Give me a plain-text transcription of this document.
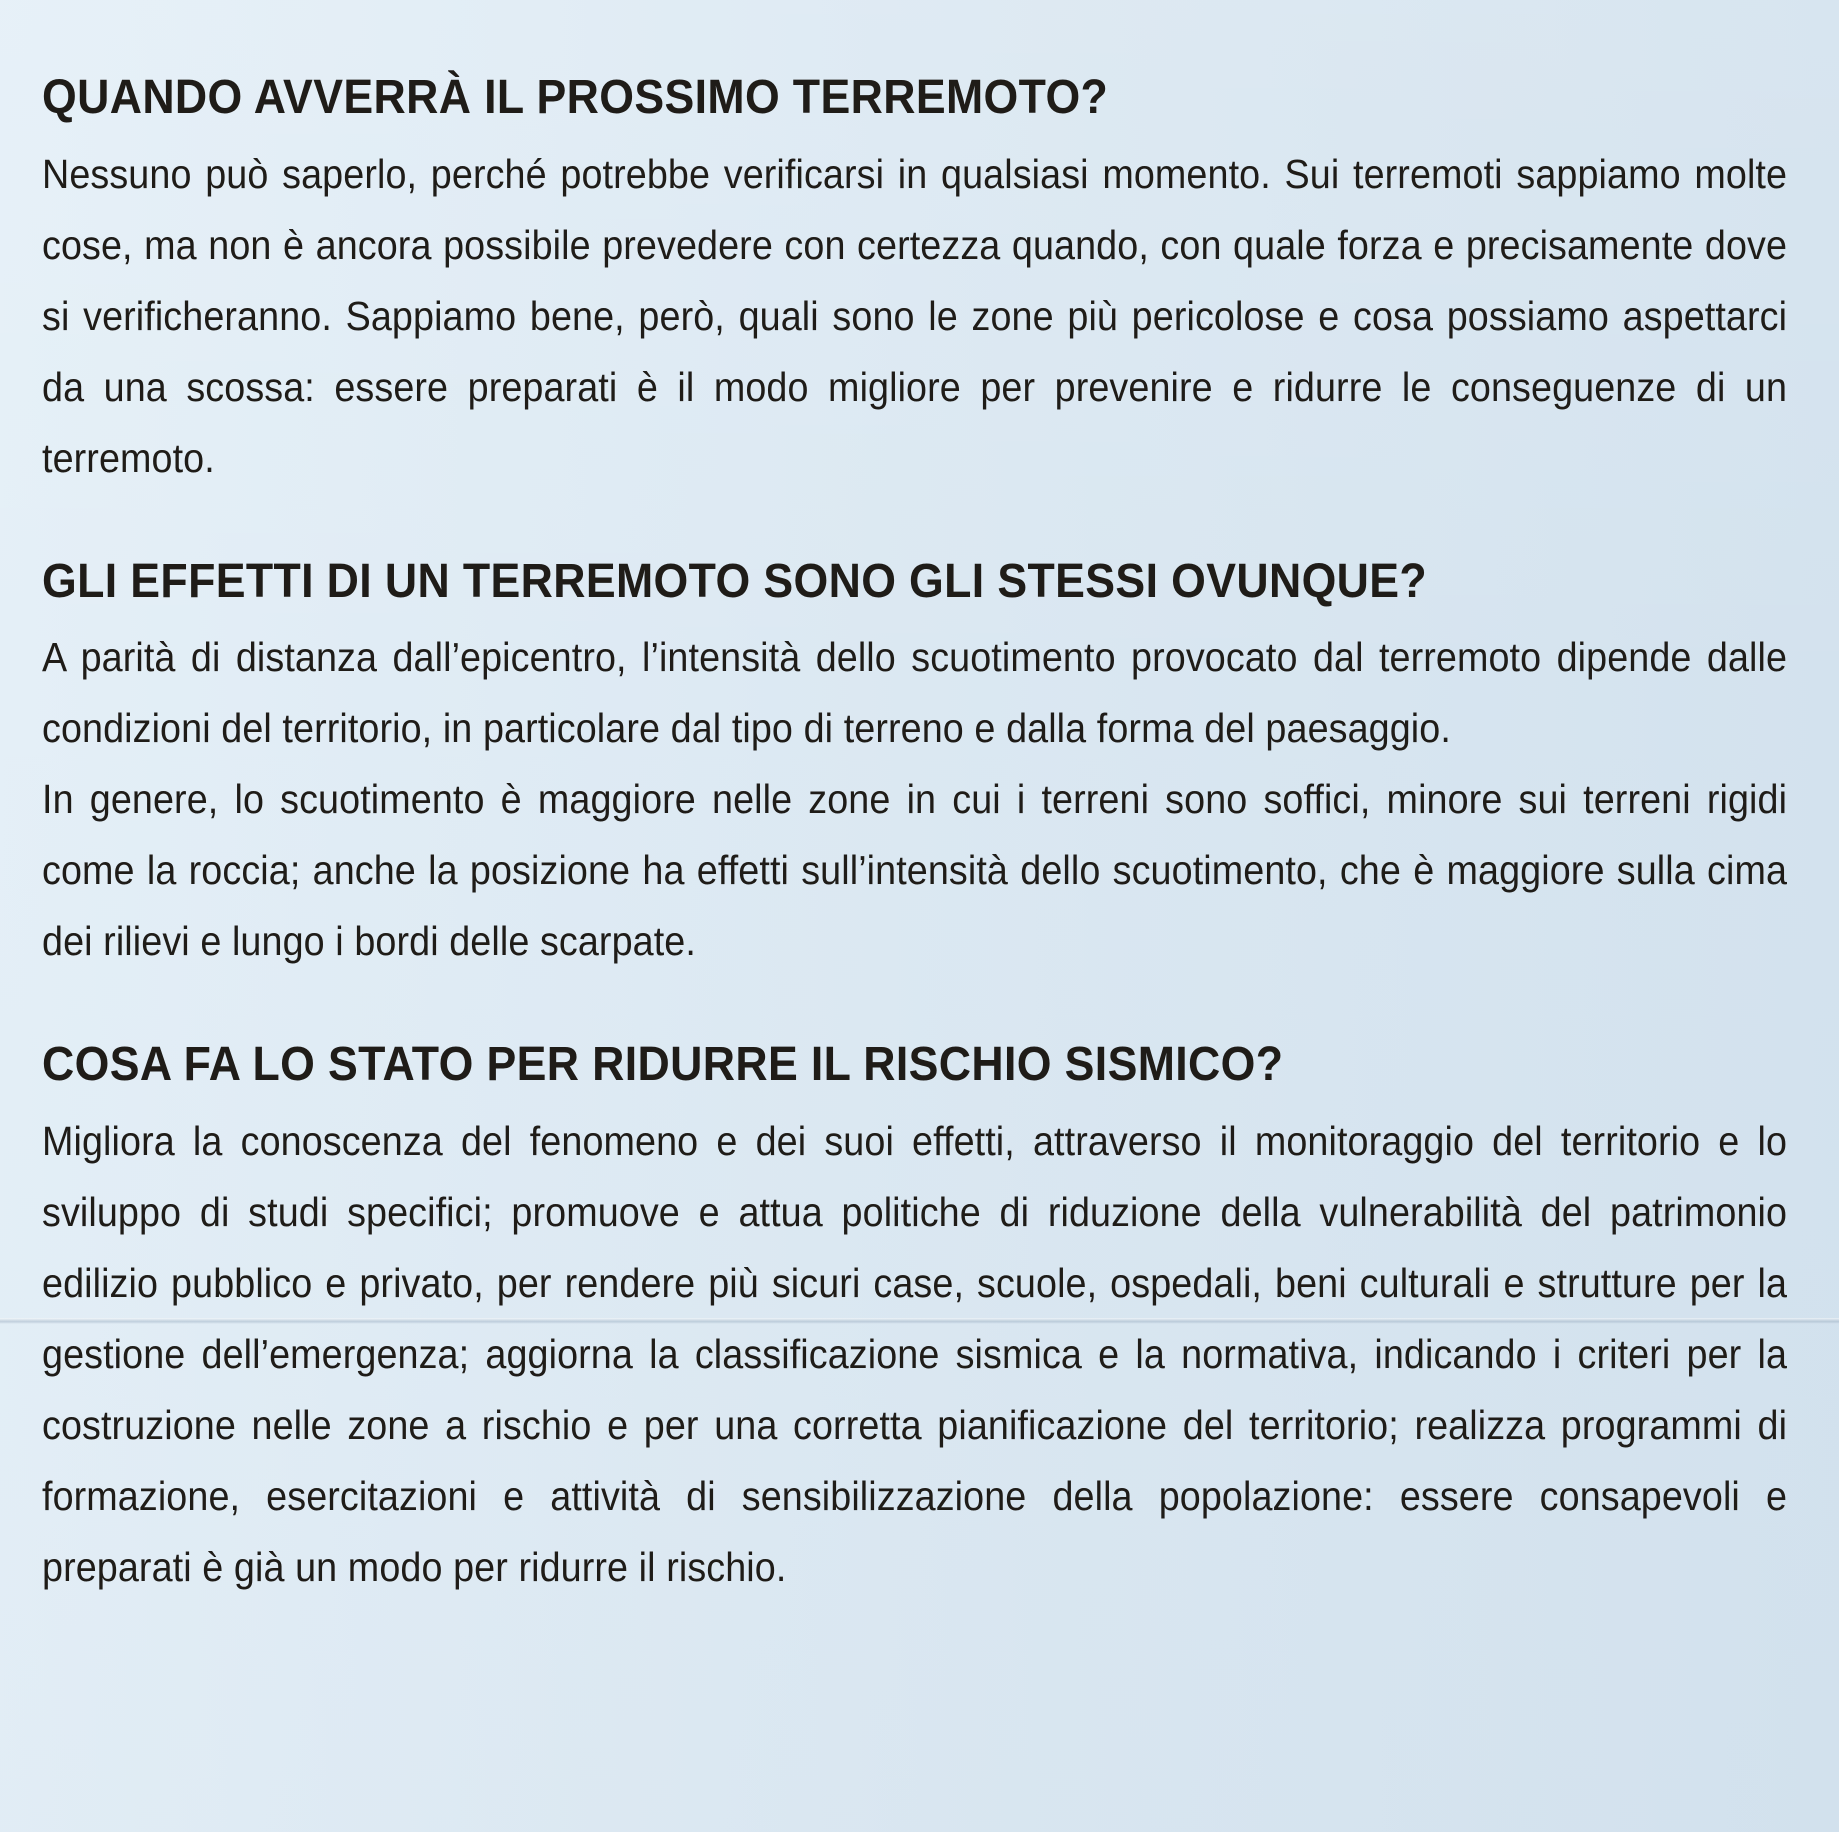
QUANDO AVVERRÀ IL PROSSIMO TERREMOTO?

Nessuno può saperlo, perché potrebbe verificarsi in qualsiasi momento. Sui terremoti sappiamo molte cose, ma non è ancora possibile prevedere con certezza quando, con quale forza e precisamente dove si verificheranno. Sappiamo bene, però, quali sono le zone più pericolose e cosa possiamo aspettarci da una scossa: essere preparati è il modo migliore per prevenire e ridurre le conseguenze di un terremoto.

GLI EFFETTI DI UN TERREMOTO SONO GLI STESSI OVUNQUE?

A parità di distanza dall’epicentro, l’intensità dello scuotimento provocato dal terremoto dipende dalle condizioni del territorio, in particolare dal tipo di terreno e dalla forma del paesaggio.

In genere, lo scuotimento è maggiore nelle zone in cui i terreni sono soffici, minore sui terreni rigidi come la roccia; anche la posizione ha effetti sull’intensità dello scuotimento, che è maggiore sulla cima dei rilievi e lungo i bordi delle scarpate.

COSA FA LO STATO PER RIDURRE IL RISCHIO SISMICO?

Migliora la conoscenza del fenomeno e dei suoi effetti, attraverso il monitoraggio del territorio e lo sviluppo di studi specifici; promuove e attua politiche di riduzione della vulnerabilità del patrimonio edilizio pubblico e privato, per rendere più sicuri case, scuole, ospedali, beni culturali e strutture per la gestione dell’emergenza; aggiorna la classificazione sismica e la normativa, indicando i criteri per la costruzione nelle zone a rischio e per una corretta pianificazione del territorio; realizza programmi di formazione, esercitazioni e attività di sensibilizzazione della popolazione: essere consapevoli e preparati è già un modo per ridurre il rischio.
